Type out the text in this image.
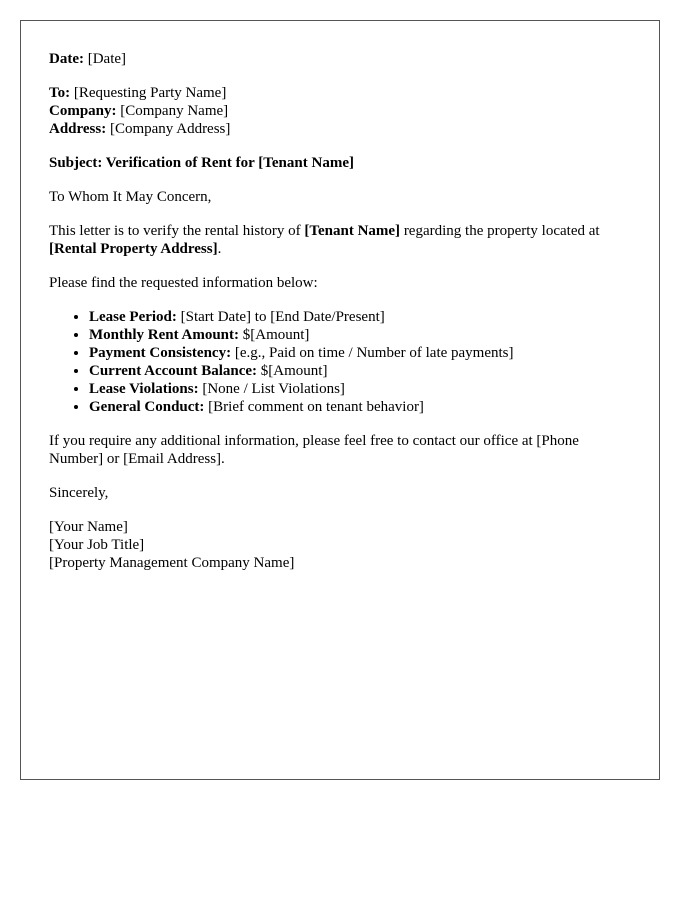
Date: [Date]

To: [Requesting Party Name]
Company: [Company Name]
Address: [Company Address]

Subject: Verification of Rent for [Tenant Name]

To Whom It May Concern,

This letter is to verify the rental history of [Tenant Name] regarding the property located at [Rental Property Address].

Please find the requested information below:

• Lease Period: [Start Date] to [End Date/Present]
• Monthly Rent Amount: $[Amount]
• Payment Consistency: [e.g., Paid on time / Number of late payments]
• Current Account Balance: $[Amount]
• Lease Violations: [None / List Violations]
• General Conduct: [Brief comment on tenant behavior]

If you require any additional information, please feel free to contact our office at [Phone Number] or [Email Address].

Sincerely,

[Your Name]
[Your Job Title]
[Property Management Company Name]
